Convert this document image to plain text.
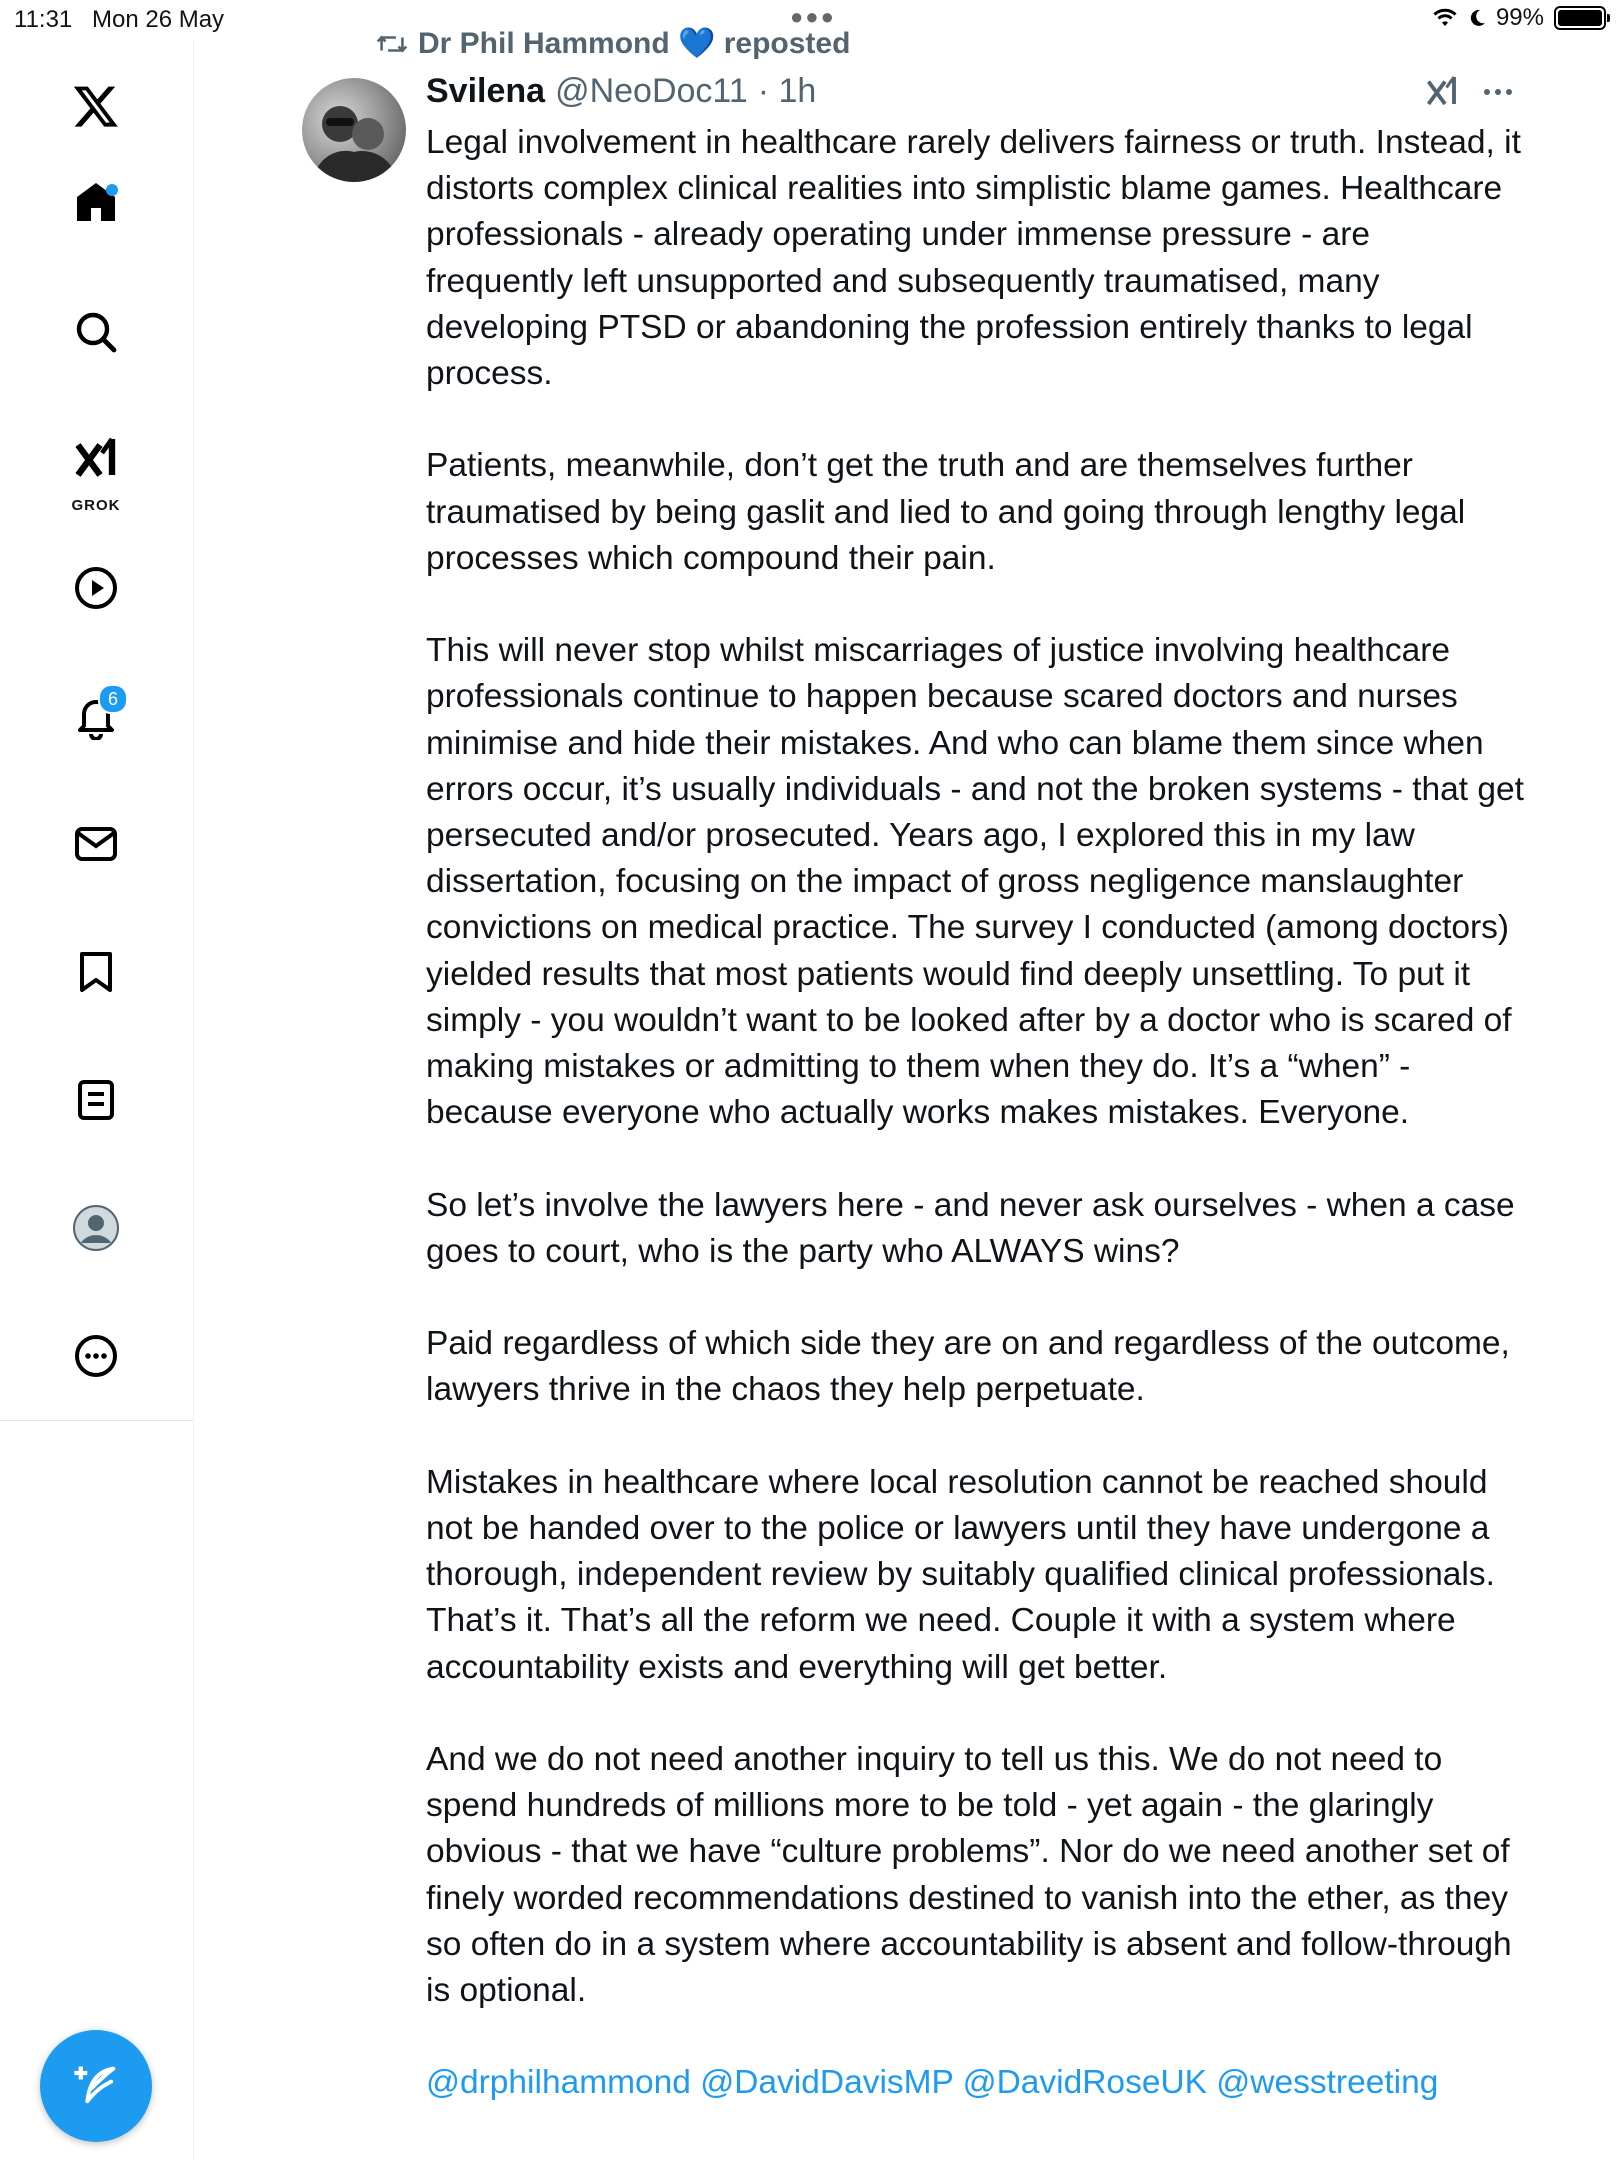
11:31 Mon 26 May	●●●	99%
GROK
6
Dr Phil Hammond 💙 reposted
Svilena @NeoDoc11 · 1h

Legal involvement in healthcare rarely delivers fairness or truth. Instead, it distorts complex clinical realities into simplistic blame games. Healthcare professionals - already operating under immense pressure - are frequently left unsupported and subsequently traumatised, many developing PTSD or abandoning the profession entirely thanks to legal process.

Patients, meanwhile, don’t get the truth and are themselves further traumatised by being gaslit and lied to and going through lengthy legal processes which compound their pain.

This will never stop whilst miscarriages of justice involving healthcare professionals continue to happen because scared doctors and nurses minimise and hide their mistakes. And who can blame them since when errors occur, it’s usually individuals - and not the broken systems - that get persecuted and/or prosecuted. Years ago, I explored this in my law dissertation, focusing on the impact of gross negligence manslaughter convictions on medical practice. The survey I conducted (among doctors) yielded results that most patients would find deeply unsettling. To put it simply - you wouldn’t want to be looked after by a doctor who is scared of making mistakes or admitting to them when they do. It’s a “when” - because everyone who actually works makes mistakes. Everyone.

So let’s involve the lawyers here - and never ask ourselves - when a case goes to court, who is the party who ALWAYS wins?

Paid regardless of which side they are on and regardless of the outcome, lawyers thrive in the chaos they help perpetuate.

Mistakes in healthcare where local resolution cannot be reached should not be handed over to the police or lawyers until they have undergone a thorough, independent review by suitably qualified clinical professionals. That’s it. That’s all the reform we need. Couple it with a system where accountability exists and everything will get better.

And we do not need another inquiry to tell us this. We do not need to spend hundreds of millions more to be told - yet again - the glaringly obvious - that we have “culture problems”. Nor do we need another set of finely worded recommendations destined to vanish into the ether, as they so often do in a system where accountability is absent and follow-through is optional.

@drphilhammond @DavidDavisMP @DavidRoseUK @wesstreeting
